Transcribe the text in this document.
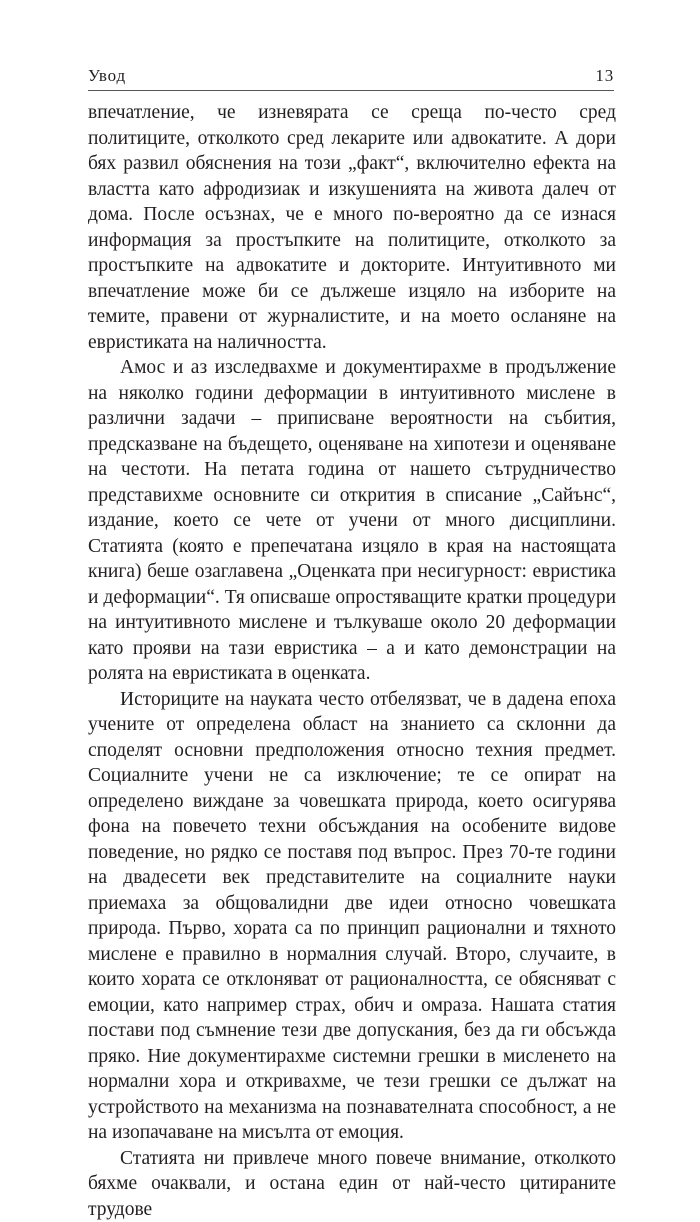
Увод	13

впечатление, че изневярата се среща по-често сред политиците, отколкото сред лекарите или адвокатите. А дори бях развил обяснения на този „факт“, включително ефекта на властта като афродизиак и изкушенията на живота далеч от дома. После осъзнах, че е много по-вероятно да се изнася информация за простъпките на политиците, отколкото за простъпките на адвокатите и докторите. Интуитивното ми впечатление може би се дължеше изцяло на изборите на темите, правени от журналистите, и на моето осланяне на евристиката на наличността.

Амос и аз изследвахме и документирахме в продължение на няколко години деформации в интуитивното мислене в различни задачи – приписване вероятности на събития, предсказване на бъдещето, оценяване на хипотези и оценяване на честоти. На петата година от нашето сътрудничество представихме основните си открития в списание „Сайънс“, издание, което се чете от учени от много дисциплини. Статията (която е препечатана изцяло в края на настоящата книга) беше озаглавена „Оценката при несигурност: евристика и деформации“. Тя описваше опростяващите кратки процедури на интуитивното мислене и тълкуваше около 20 деформации като прояви на тази евристика – а и като демонстрации на ролята на евристиката в оценката.

Историците на науката често отбелязват, че в дадена епоха учените от определена област на знанието са склонни да споделят основни предположения относно техния предмет. Социалните учени не са изключение; те се опират на определено виждане за човешката природа, което осигурява фона на повечето техни обсъждания на особените видове поведение, но рядко се поставя под въпрос. През 70-те години на двадесети век представителите на социалните науки приемаха за общовалидни две идеи относно човешката природа. Първо, хората са по принцип рационални и тяхното мислене е правилно в нормалния случай. Второ, случаите, в които хората се отклоняват от рационалността, се обясняват с емоции, като например страх, обич и омраза. Нашата статия постави под съмнение тези две допускания, без да ги обсъжда пряко. Ние документирахме системни грешки в мисленето на нормални хора и откривахме, че тези грешки се дължат на устройството на механизма на познавателната способност, а не на изопачаване на мисълта от емоция.

Статията ни привлече много повече внимание, отколкото бяхме очаквали, и остана един от най-често цитираните трудове
